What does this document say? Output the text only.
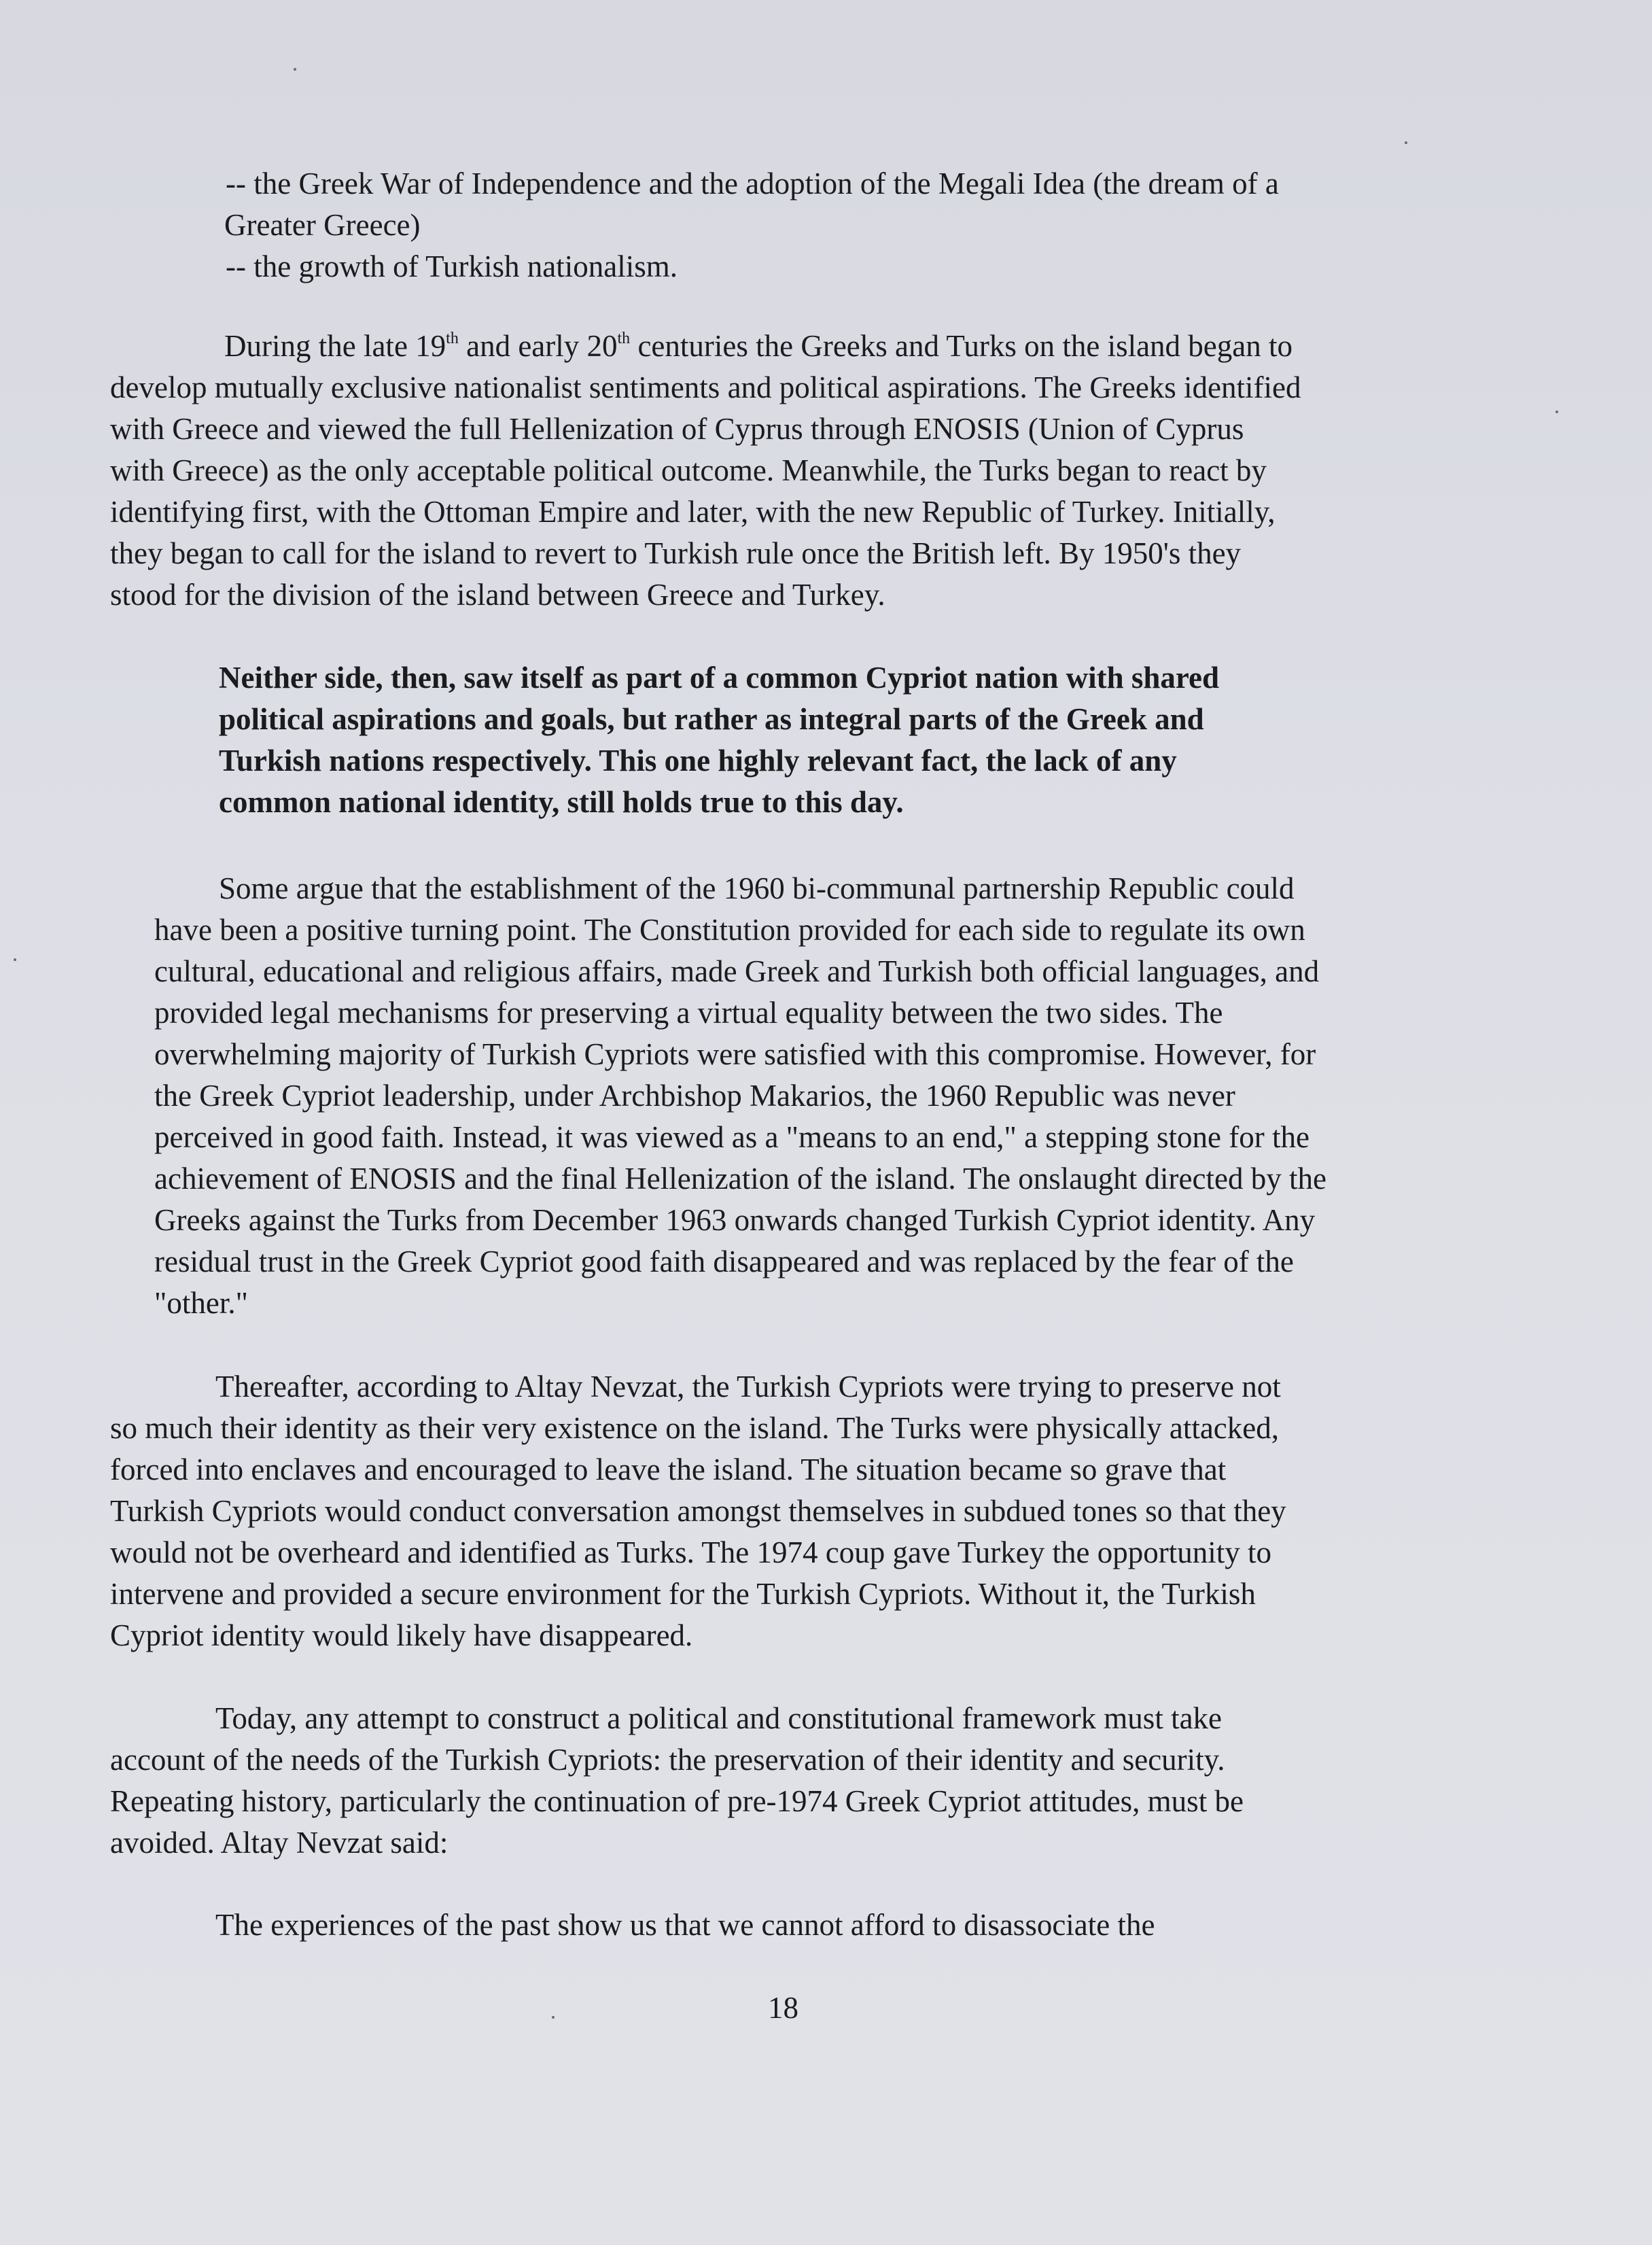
-- the Greek War of Independence and the adoption of the Megali Idea (the dream of a
Greater Greece)
-- the growth of Turkish nationalism.
During the late 19th and early 20th centuries the Greeks and Turks on the island began to
develop mutually exclusive nationalist sentiments and political aspirations. The Greeks identified
with Greece and viewed the full Hellenization of Cyprus through ENOSIS (Union of Cyprus
with Greece) as the only acceptable political outcome. Meanwhile, the Turks began to react by
identifying first, with the Ottoman Empire and later, with the new Republic of Turkey. Initially,
they began to call for the island to revert to Turkish rule once the British left. By 1950's they
stood for the division of the island between Greece and Turkey.
Neither side, then, saw itself as part of a common Cypriot nation with shared
political aspirations and goals, but rather as integral parts of the Greek and
Turkish nations respectively. This one highly relevant fact, the lack of any
common national identity, still holds true to this day.
Some argue that the establishment of the 1960 bi-communal partnership Republic could
have been a positive turning point. The Constitution provided for each side to regulate its own
cultural, educational and religious affairs, made Greek and Turkish both official languages, and
provided legal mechanisms for preserving a virtual equality between the two sides. The
overwhelming majority of Turkish Cypriots were satisfied with this compromise. However, for
the Greek Cypriot leadership, under Archbishop Makarios, the 1960 Republic was never
perceived in good faith. Instead, it was viewed as a "means to an end," a stepping stone for the
achievement of ENOSIS and the final Hellenization of the island. The onslaught directed by the
Greeks against the Turks from December 1963 onwards changed Turkish Cypriot identity. Any
residual trust in the Greek Cypriot good faith disappeared and was replaced by the fear of the
"other."
Thereafter, according to Altay Nevzat, the Turkish Cypriots were trying to preserve not
so much their identity as their very existence on the island. The Turks were physically attacked,
forced into enclaves and encouraged to leave the island. The situation became so grave that
Turkish Cypriots would conduct conversation amongst themselves in subdued tones so that they
would not be overheard and identified as Turks. The 1974 coup gave Turkey the opportunity to
intervene and provided a secure environment for the Turkish Cypriots. Without it, the Turkish
Cypriot identity would likely have disappeared.
Today, any attempt to construct a political and constitutional framework must take
account of the needs of the Turkish Cypriots: the preservation of their identity and security.
Repeating history, particularly the continuation of pre-1974 Greek Cypriot attitudes, must be
avoided. Altay Nevzat said:
The experiences of the past show us that we cannot afford to disassociate the
18
